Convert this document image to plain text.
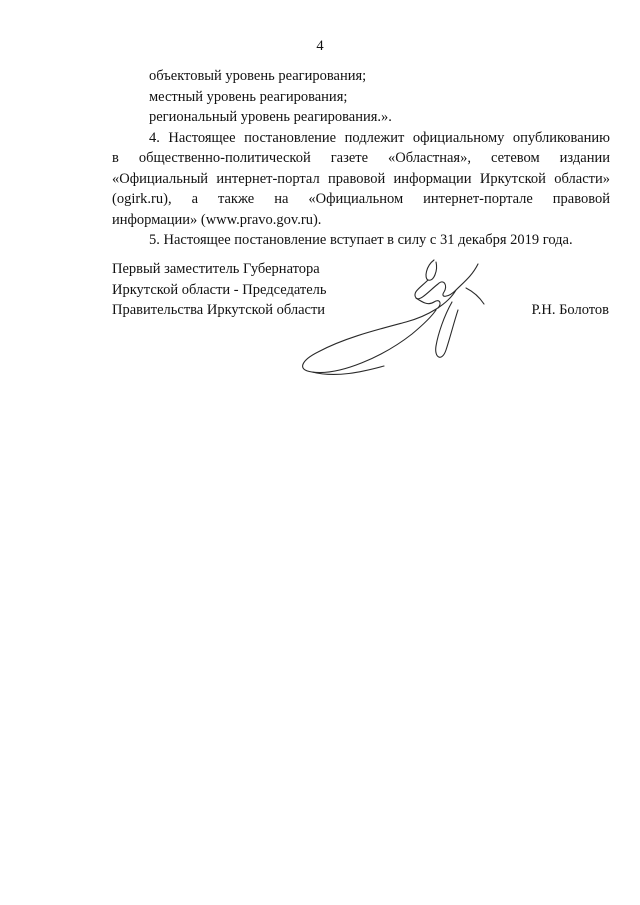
4

объектовый уровень реагирования;

местный уровень реагирования;

региональный уровень реагирования.».

4. Настоящее постановление подлежит официальному опубликованию

в общественно-политической газете «Областная», сетевом издании

«Официальный интернет-портал правовой информации Иркутской области»

(ogirk.ru), а также на «Официальном интернет-портале правовой

информации» (www.pravo.gov.ru).

5. Настоящее постановление вступает в силу с 31 декабря 2019 года.

Первый заместитель Губернатора

Иркутской области - Председатель

Правительства Иркутской области	Р.Н. Болотов
